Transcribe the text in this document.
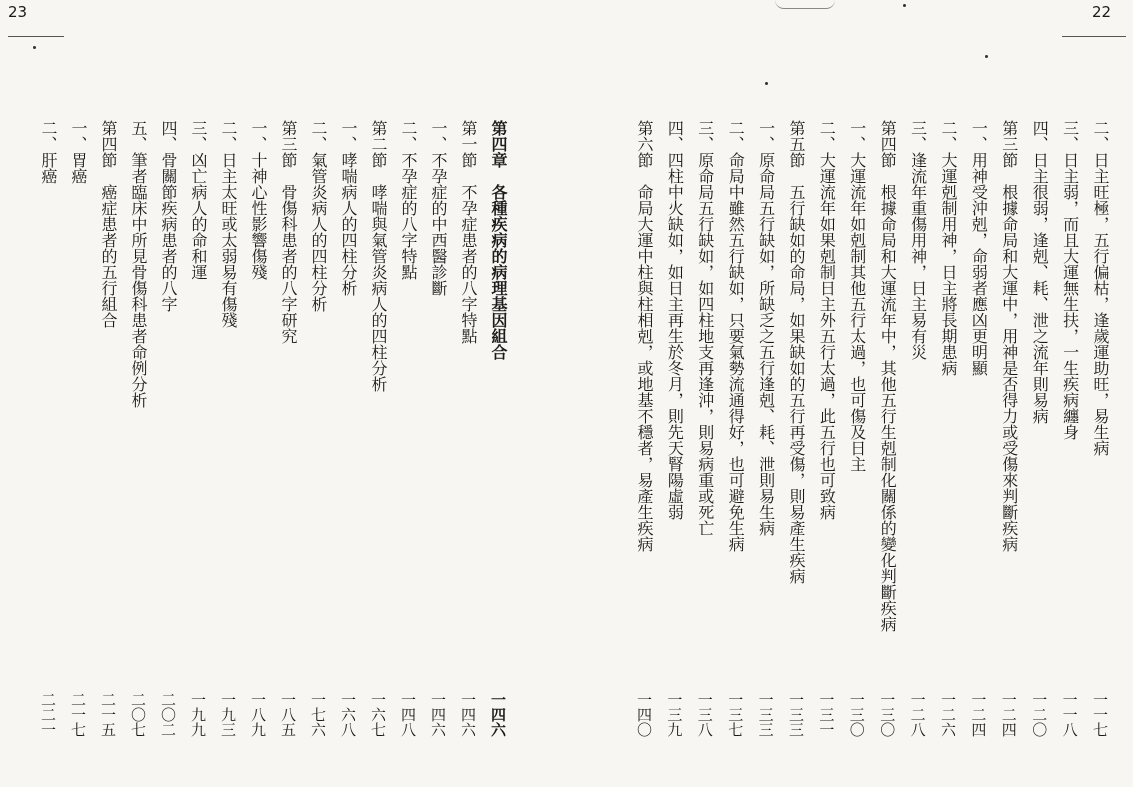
23	22
二、日主旺極，五行偏枯，逢歲運助旺，易生病
一一七
三、日主弱，而且大運無生扶，一生疾病纏身
一一八
四、日主很弱，逢剋、耗、泄之流年則易病
一二〇
第三節　根據命局和大運中，用神是否得力或受傷來判斷疾病
一二四
一、用神受沖剋，命弱者應凶更明顯
一二四
二、大運剋制用神，日主將長期患病
一二六
三、逢流年重傷用神，日主易有災
一二八
第四節　根據命局和大運流年中，其他五行生剋制化關係的變化判斷疾病
一三〇
一、大運流年如剋制其他五行太過，也可傷及日主
一三〇
二、大運流年如果剋制日主外五行太過，此五行也可致病
一三一
第五節　五行缺如的命局，如果缺如的五行再受傷，則易產生疾病
一三三
一、原命局五行缺如，所缺乏之五行逢剋、耗、泄則易生病
一三三
二、命局中雖然五行缺如，只要氣勢流通得好，也可避免生病
一三七
三、原命局五行缺如，如四柱地支再逢沖，則易病重或死亡
一三八
四、四柱中火缺如，如日主再生於冬月，則先天腎陽虛弱
一三九
第六節　命局大運中柱與柱相剋，或地基不穩者，易產生疾病
一四〇
第四章　各種疾病的病理基因組合
一四六
第一節　不孕症患者的八字特點
一四六
一、不孕症的中西醫診斷
一四六
二、不孕症的八字特點
一四八
第二節　哮喘與氣管炎病人的四柱分析
一六七
一、哮喘病人的四柱分析
一六八
二、氣管炎病人的四柱分析
一七六
第三節　骨傷科患者的八字研究
一八五
一、十神心性影響傷殘
一八九
二、日主太旺或太弱易有傷殘
一九三
三、凶亡病人的命和運
一九九
四、骨關節疾病患者的八字
二〇二
五、筆者臨床中所見骨傷科患者命例分析
二〇七
第四節　癌症患者的五行組合
二一五
一、胃癌
二一七
二、肝癌
二二一
